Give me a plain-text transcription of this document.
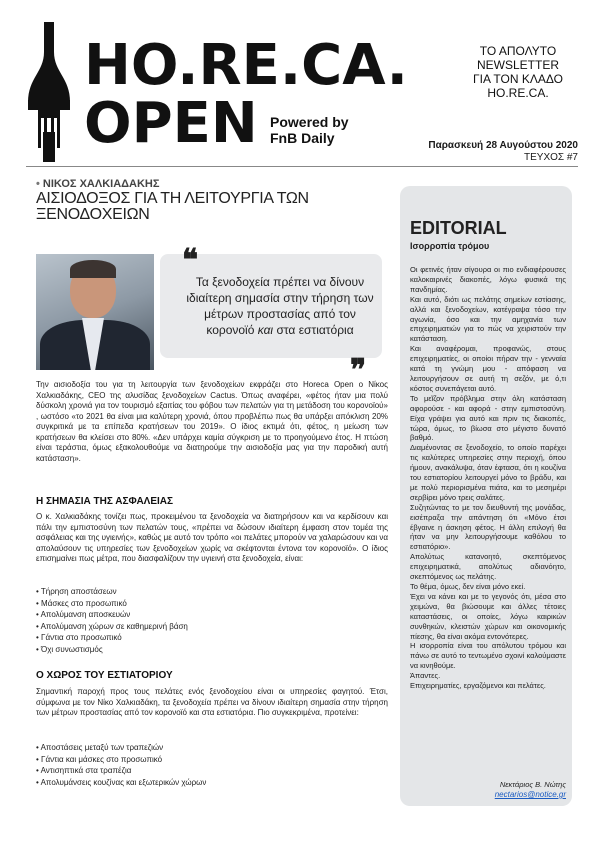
HO.RE.CA.
OPEN Powered by
FnB Daily
ΤΟ ΑΠΟΛΥΤΟ
NEWSLETTER
ΓΙΑ ΤΟΝ ΚΛΑΔΟ
HO.RE.CA.
Παρασκευή 28 Αυγούστου 2020
ΤΕΥΧΟΣ #7
• ΝΙΚΟΣ ΧΑΛΚΙΑΔΑΚΗΣ
ΑΙΣΙΟΔΟΞΟΣ ΓΙΑ ΤΗ ΛΕΙΤΟΥΡΓΙΑ ΤΩΝ
ΞΕΝΟΔΟΧΕΙΩΝ
❝
Τα ξενοδοχεία πρέπει να δίνουν ιδιαίτερη σημασία στην τήρηση των μέτρων προστασίας από τον κορονοϊό και στα εστιατόρια
❞
Την αισιοδοξία του για τη λειτουργία των ξενοδοχείων εκφράζει στο Horeca Open ο Νίκος Χαλκιαδάκης, CEO της αλυσίδας ξενοδοχείων Cactus. Όπως αναφέρει, «φέτος ήταν μια πολύ δύσκολη χρονιά για τον τουρισμό εξαιτίας του φόβου των πελατών για τη μετάδοση του κορονοϊού» , ωστόσο «το 2021 θα είναι μια καλύτερη χρονιά, όπου προβλέπω πως θα υπάρξει απόκλιση 20% συγκριτικά με τα επίπεδα κρατήσεων του 2019». Ο ίδιος εκτιμά ότι, φέτος, η μείωση των κρατήσεων θα κλείσει στο 80%. «Δεν υπάρχει καμία σύγκριση με το προηγούμενο έτος. Η πτώση είναι τεράστια, όμως εξακολουθούμε να διατηρούμε την αισιοδοξία μας για την παροδική αυτή κατάσταση».
Η ΣΗΜΑΣΙΑ ΤΗΣ ΑΣΦΑΛΕΙΑΣ
Ο κ. Χαλκιαδάκης τονίζει πως, προκειμένου τα ξενοδοχεία να διατηρήσουν και να κερδίσουν και πάλι την εμπιστοσύνη των πελατών τους, «πρέπει να δώσουν ιδιαίτερη έμφαση στον τομέα της ασφάλειας και της υγιεινής», καθώς με αυτό τον τρόπο «οι πελάτες μπορούν να χαλαρώσουν και να απολαύσουν τις υπηρεσίες των ξενοδοχείων χωρίς να σκέφτονται έντονα τον κορονοϊό». Ο ίδιος επισημαίνει πως μέτρα, που διασφαλίζουν την υγιεινή στα ξενοδοχεία, είναι:
• Τήρηση αποστάσεων
• Μάσκες στο προσωπικό
• Απολύμανση αποσκευών
• Απολύμανση χώρων σε καθημερινή βάση
• Γάντια στο προσωπικό
• Όχι συνωστισμός
Ο ΧΩΡΟΣ ΤΟΥ ΕΣΤΙΑΤΟΡΙΟΥ
Σημαντική παροχή προς τους πελάτες ενός ξενοδοχείου είναι οι υπηρεσίες φαγητού. Έτσι, σύμφωνα με τον Νίκο Χαλκιαδάκη, τα ξενοδοχεία πρέπει να δίνουν ιδιαίτερη σημασία στην τήρηση των μέτρων προστασίας από τον κορονοϊό και στα εστιατόρια. Πιο συγκεκριμένα, προτείνει:
• Αποστάσεις μεταξύ των τραπεζιών
• Γάντια και μάσκες στο προσωπικό
• Αντισηπτικά στα τραπέζια
• Απολυμάνσεις κουζίνας και εξωτερικών χώρων
EDITORIAL
Ισορροπία τρόμου

Οι φετινές ήταν σίγουρα οι πιο ενδιαφέρουσες καλοκαιρινές διακοπές, λόγω φυσικά της πανδημίας.

Και αυτό, διότι ως πελάτης σημείων εστίασης, αλλά και ξενοδοχείων, κατέγραψα τόσο την αγωνία, όσο και την αμηχανία των επιχειρηματιών για το πώς να χειριστούν την κατάσταση.

Και αναφέρομαι, προφανώς, στους επιχειρηματίες, οι οποίοι πήραν την - γενναία κατά τη γνώμη μου - απόφαση να λειτουργήσουν σε αυτή τη σεζόν, με ό,τι κόστος συνεπάγεται αυτό.

Το μεῖζον πρόβλημα στην όλη κατάσταση αφορούσε - και αφορά - στην εμπιστοσύνη. Είχα γράψει για αυτό και πριν τις διακοπές, τώρα, όμως, το βίωσα στο μέγιστο δυνατό βαθμό.

Διαμένοντας σε ξενοδοχείο, το οποίο παρέχει τις καλύτερες υπηρεσίες στην περιοχή, όπου ήμουν, ανακάλυψα, όταν έφτασα, ότι η κουζίνα του εστιατορίου λειτουργεί μόνο το βράδυ, και με πολύ περιορισμένα πιάτα, και το μεσημέρι σερβίρει μόνο τρεις σαλάτες.

Συζητώντας το με τον διευθυντή της μονάδας, εισέπραξα την απάντηση ότι «Μόνο έτσι έβγαινε η άσκηση φέτος. Η άλλη επιλογή θα ήταν να μην λειτουργήσουμε καθόλου το εστιατόριο».

Απολύτως κατανοητό, σκεπτόμενος επιχειρηματικά, απολύτως αδιανόητο, σκεπτόμενος ως πελάτης.

Το θέμα, όμως, δεν είναι μόνο εκεί.

Έχει να κάνει και με το γεγονός ότι, μέσα στο χειμώνα, θα βιώσουμε και άλλες τέτοιες καταστάσεις, οι οποίες, λόγω καιρικών συνθηκών, κλειστών χώρων και οικονομικής πίεσης, θα είναι ακόμα εντονότερες.

Η ισορροπία είναι του απόλυτου τρόμου και πάνω σε αυτό το τεντωμένο σχοινί καλούμαστε να κινηθούμε.

Άπαντες.

Επιχειρηματίες, εργαζόμενοι και πελάτες.

Νεκτάριος Β. Νώτης
nectarios@notice.gr
